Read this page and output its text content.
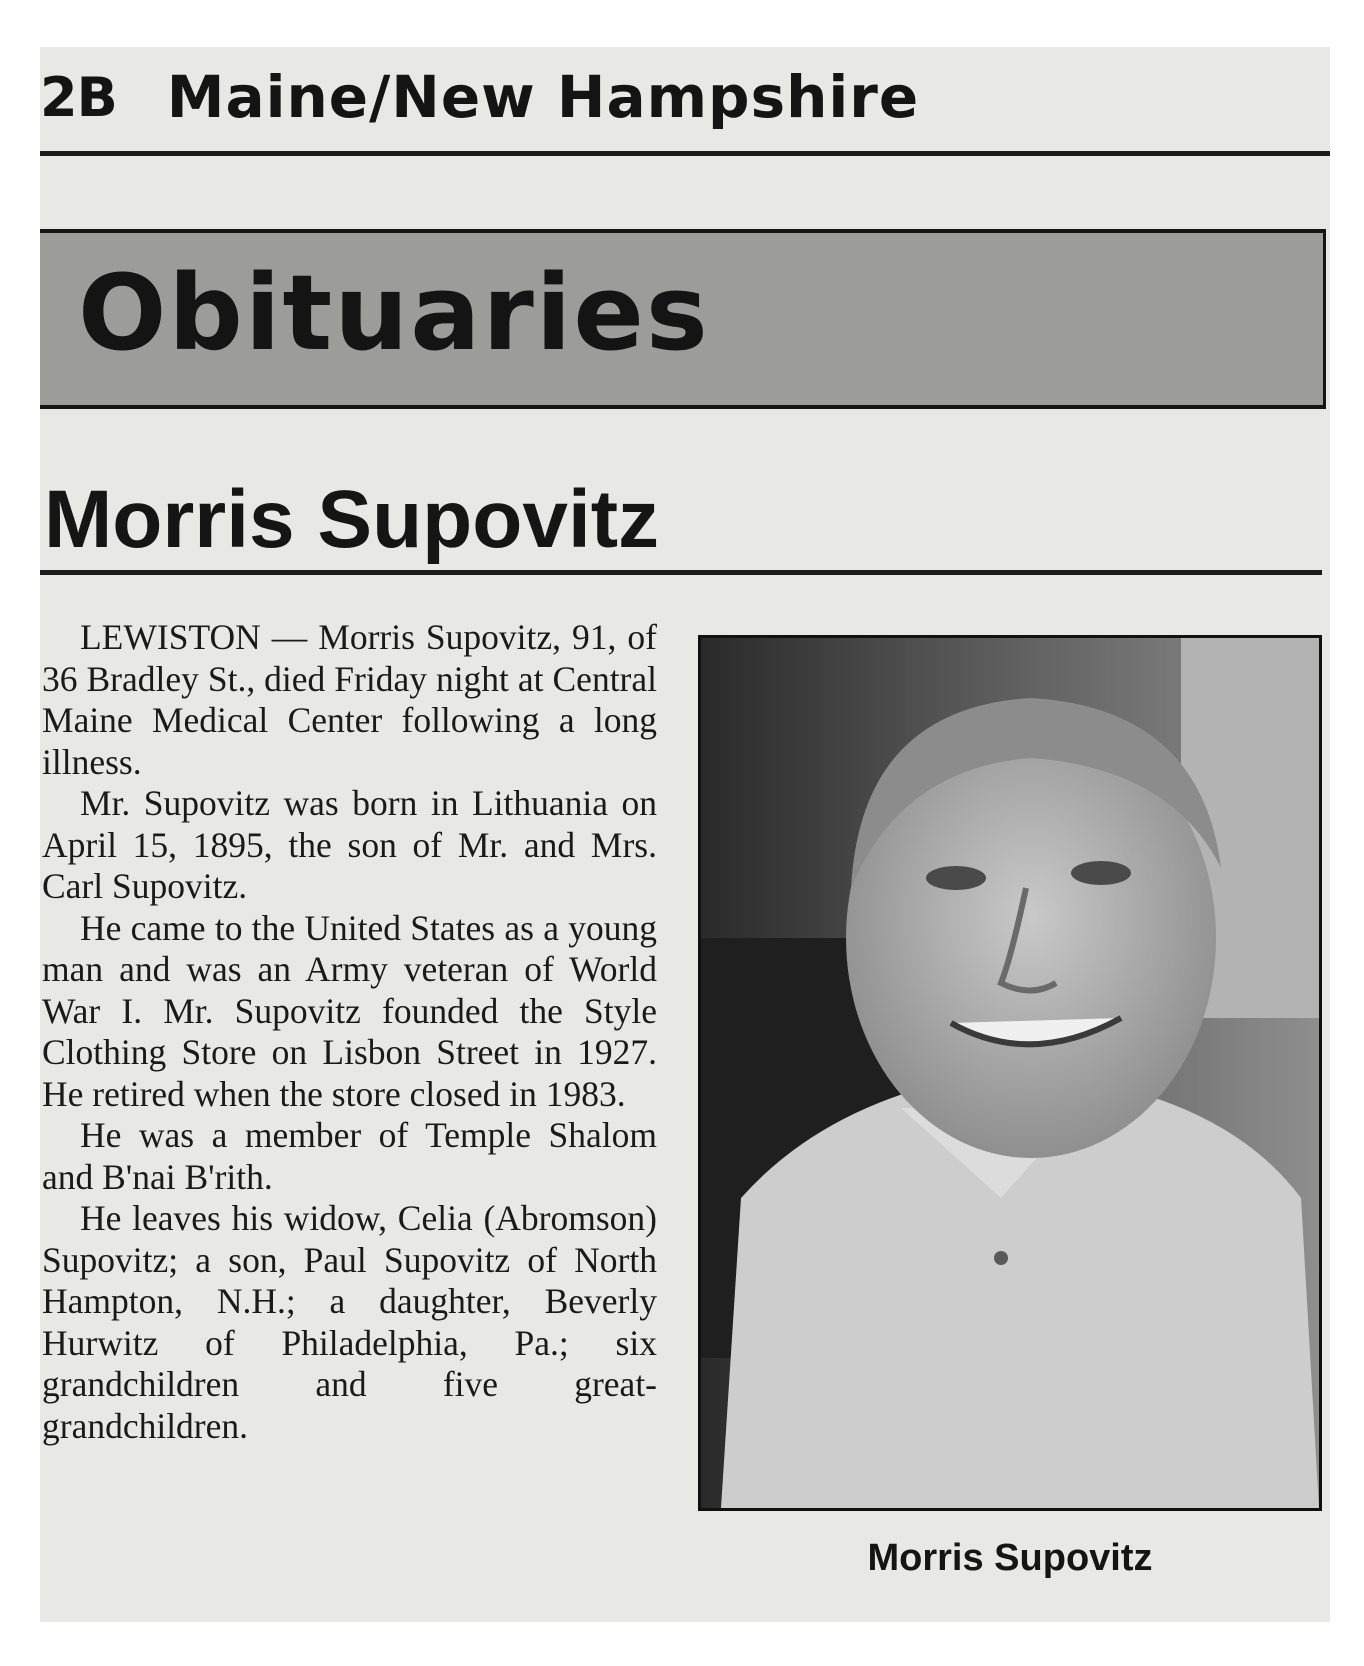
2B Maine/New Hampshire
Obituaries
Morris Supovitz

LEWISTON — Morris Supovitz, 91, of 36 Bradley St., died Friday night at Central Maine Medical Center following a long illness.

Mr. Supovitz was born in Lithuania on April 15, 1895, the son of Mr. and Mrs. Carl Supovitz.

He came to the United States as a young man and was an Army veteran of World War I. Mr. Supovitz founded the Style Clothing Store on Lisbon Street in 1927. He retired when the store closed in 1983.

He was a member of Temple Shalom and B'nai B'rith.

He leaves his widow, Celia (Abromson) Supovitz; a son, Paul Supovitz of North Hampton, N.H.; a daughter, Beverly Hurwitz of Philadelphia, Pa.; six grandchildren and five great-grandchildren.

Morris Supovitz
